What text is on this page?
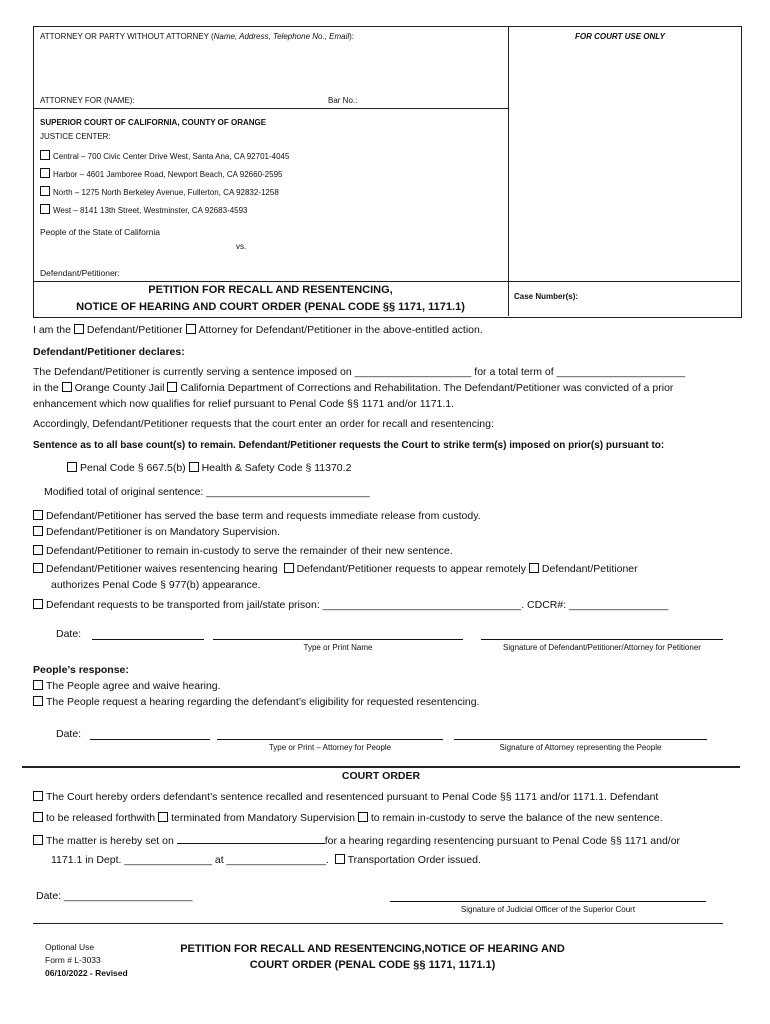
ATTORNEY OR PARTY WITHOUT ATTORNEY (Name, Address, Telephone No., Email):	FOR COURT USE ONLY
ATTORNEY FOR (NAME):	Bar No.:
SUPERIOR COURT OF CALIFORNIA, COUNTY OF ORANGE
JUSTICE CENTER:
Central – 700 Civic Center Drive West, Santa Ana, CA 92701-4045
Harbor – 4601 Jamboree Road, Newport Beach, CA 92660-2595
North – 1275 North Berkeley Avenue, Fullerton, CA 92832-1258
West – 8141 13th Street, Westminster, CA 92683-4593
People of the State of California
vs.
Defendant/Petitioner:
PETITION FOR RECALL AND RESENTENCING,
NOTICE OF HEARING AND COURT ORDER (PENAL CODE §§ 1171, 1171.1)
Case Number(s):
I am the Defendant/Petitioner Attorney for Defendant/Petitioner in the above-entitled action.
Defendant/Petitioner declares:
The Defendant/Petitioner is currently serving a sentence imposed on ____________________ for a total term of ______________________
in the Orange County Jail California Department of Corrections and Rehabilitation. The Defendant/Petitioner was convicted of a prior
enhancement which now qualifies for relief pursuant to Penal Code §§ 1171 and/or 1171.1.
Accordingly, Defendant/Petitioner requests that the court enter an order for recall and resentencing:
Sentence as to all base count(s) to remain. Defendant/Petitioner requests the Court to strike term(s) imposed on prior(s) pursuant to:
Penal Code § 667.5(b) Health & Safety Code § 11370.2
Modified total of original sentence: ____________________________
Defendant/Petitioner has served the base term and requests immediate release from custody.
Defendant/Petitioner is on Mandatory Supervision.
Defendant/Petitioner to remain in-custody to serve the remainder of their new sentence.
Defendant/Petitioner waives resentencing hearing Defendant/Petitioner requests to appear remotely Defendant/Petitioner
authorizes Penal Code § 977(b) appearance.
Defendant requests to be transported from jail/state prison: __________________________________. CDCR#: _________________
Date:
Type or Print Name	Signature of Defendant/Petitioner/Attorney for Petitioner
People’s response:
The People agree and waive hearing.
The People request a hearing regarding the defendant’s eligibility for requested resentencing.
Date:
Type or Print – Attorney for People	Signature of Attorney representing the People
COURT ORDER
The Court hereby orders defendant’s sentence recalled and resentenced pursuant to Penal Code §§ 1171 and/or 1171.1. Defendant
to be released forthwith terminated from Mandatory Supervision to remain in-custody to serve the balance of the new sentence.
The matter is hereby set on	for a hearing regarding resentencing pursuant to Penal Code §§ 1171 and/or
1171.1 in Dept. _______________ at _________________. Transportation Order issued.
Date: ______________________
Signature of Judicial Officer of the Superior Court
Optional Use
Form # L-3033
06/10/2022 - Revised
PETITION FOR RECALL AND RESENTENCING,NOTICE OF HEARING AND
COURT ORDER (PENAL CODE §§ 1171, 1171.1)
